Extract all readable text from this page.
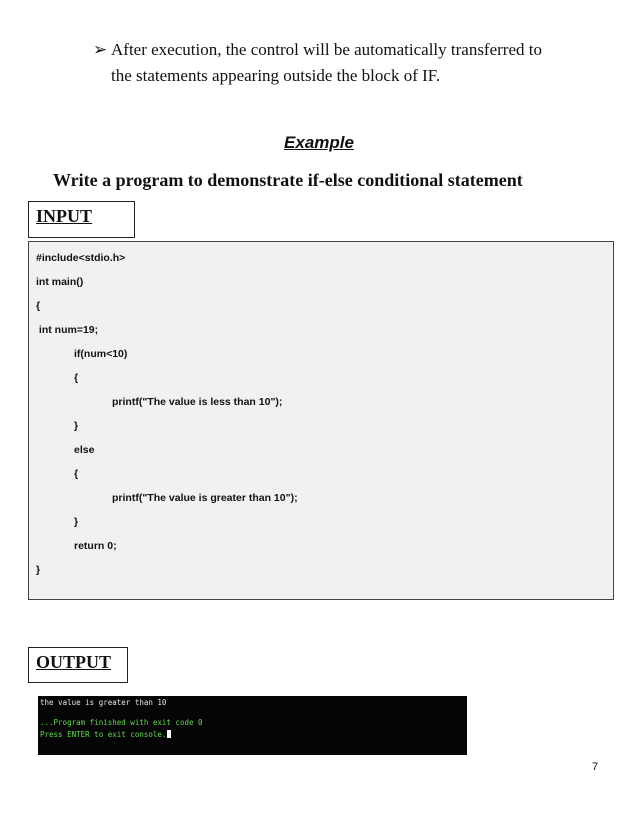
➢ After execution, the control will be automatically transferred to
the statements appearing outside the block of IF.
Example
Write a program to demonstrate if-else conditional statement
INPUT
#include<stdio.h>
int main()
{
int num=19;
if(num<10)
{
printf("The value is less than 10");
}
else
{
printf("The value is greater than 10");
}
return 0;
}
OUTPUT
the value is greater than 10
...Program finished with exit code 0
Press ENTER to exit console.
7
